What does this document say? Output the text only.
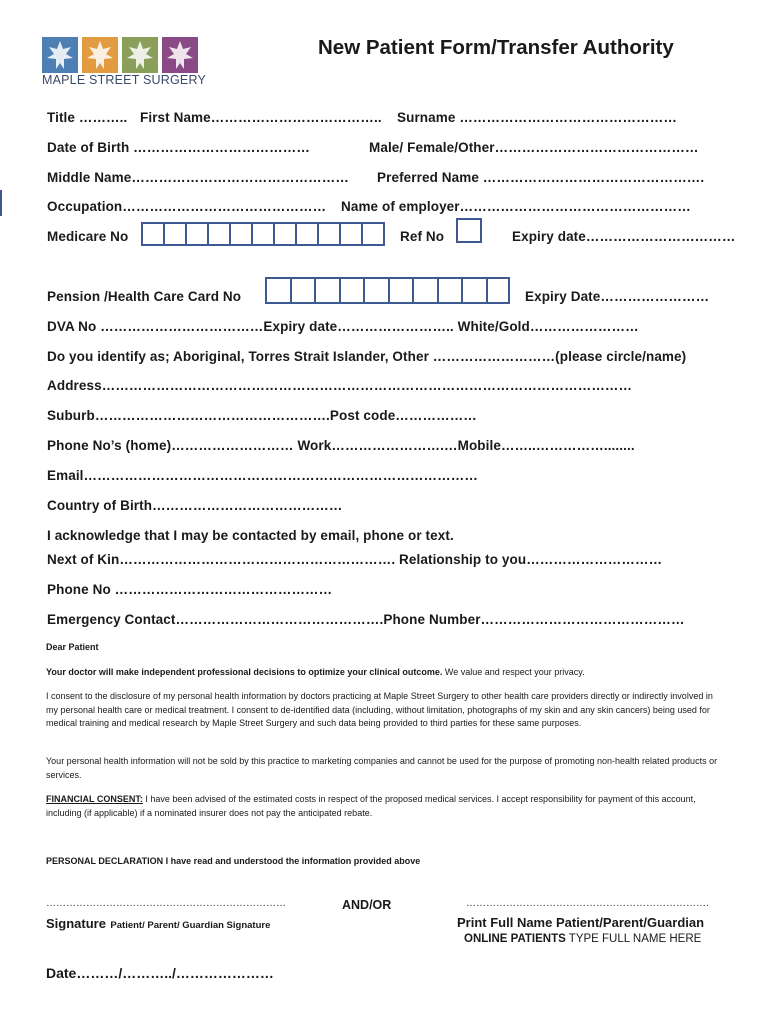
MAPLE STREET SURGERY
New Patient Form/Transfer Authority
Title ……….. First Name……………………………….. Surname …………………………………………
Date of Birth …………………………………	Male/ Female/Other………………………………………
Middle Name………………………………………… Preferred Name ………………………………………….
Occupation……………………………………… Name of employer……………………………………………
Medicare No	Ref No	Expiry date……………………………
Pension /Health Care Card No	Expiry Date……………………
DVA No ………………………………Expiry date…………………….. White/Gold……………………
Do you identify as; Aboriginal, Torres Strait Islander, Other ………………………(please circle/name)
Address………………………………………………………………………………………………………
Suburb…………………………………………….Post code………………
Phone No’s (home)……………………… Work…………………….…Mobile……..……………........
Email……………………………………………………………………………
Country of Birth……………………………………
I acknowledge that I may be contacted by email, phone or text.
Next of Kin……………………………………………………. Relationship to you…………………………
Phone No …………………………………………
Emergency Contact……………………………………….Phone Number………………………………………
Dear Patient
Your doctor will make independent professional decisions to optimize your clinical outcome. We value and respect your privacy.
I consent to the disclosure of my personal health information by doctors practicing at Maple Street Surgery to other health care providers directly or indirectly involved in my personal health care or medical treatment. I consent to de-identified data (including, without limitation, photographs of my skin and any skin cancers) being used for medical training and medical research by Maple Street Surgery and such data being provided to third parties for these same purposes.
Your personal health information will not be sold by this practice to marketing companies and cannot be used for the purpose of promoting non-health related products or services.
FINANCIAL CONSENT: I have been advised of the estimated costs in respect of the proposed medical services. I accept responsibility for payment of this account, including (if applicable) if a nominated insurer does not pay the anticipated rebate.
PERSONAL DECLARATION I have read and understood the information provided above
………………………………………………………………	AND/OR	……………………………………………………………….
Signature Patient/ Parent/ Guardian Signature	Print Full Name Patient/Parent/Guardian
ONLINE PATIENTS TYPE FULL NAME HERE
Date………/………../…………………
